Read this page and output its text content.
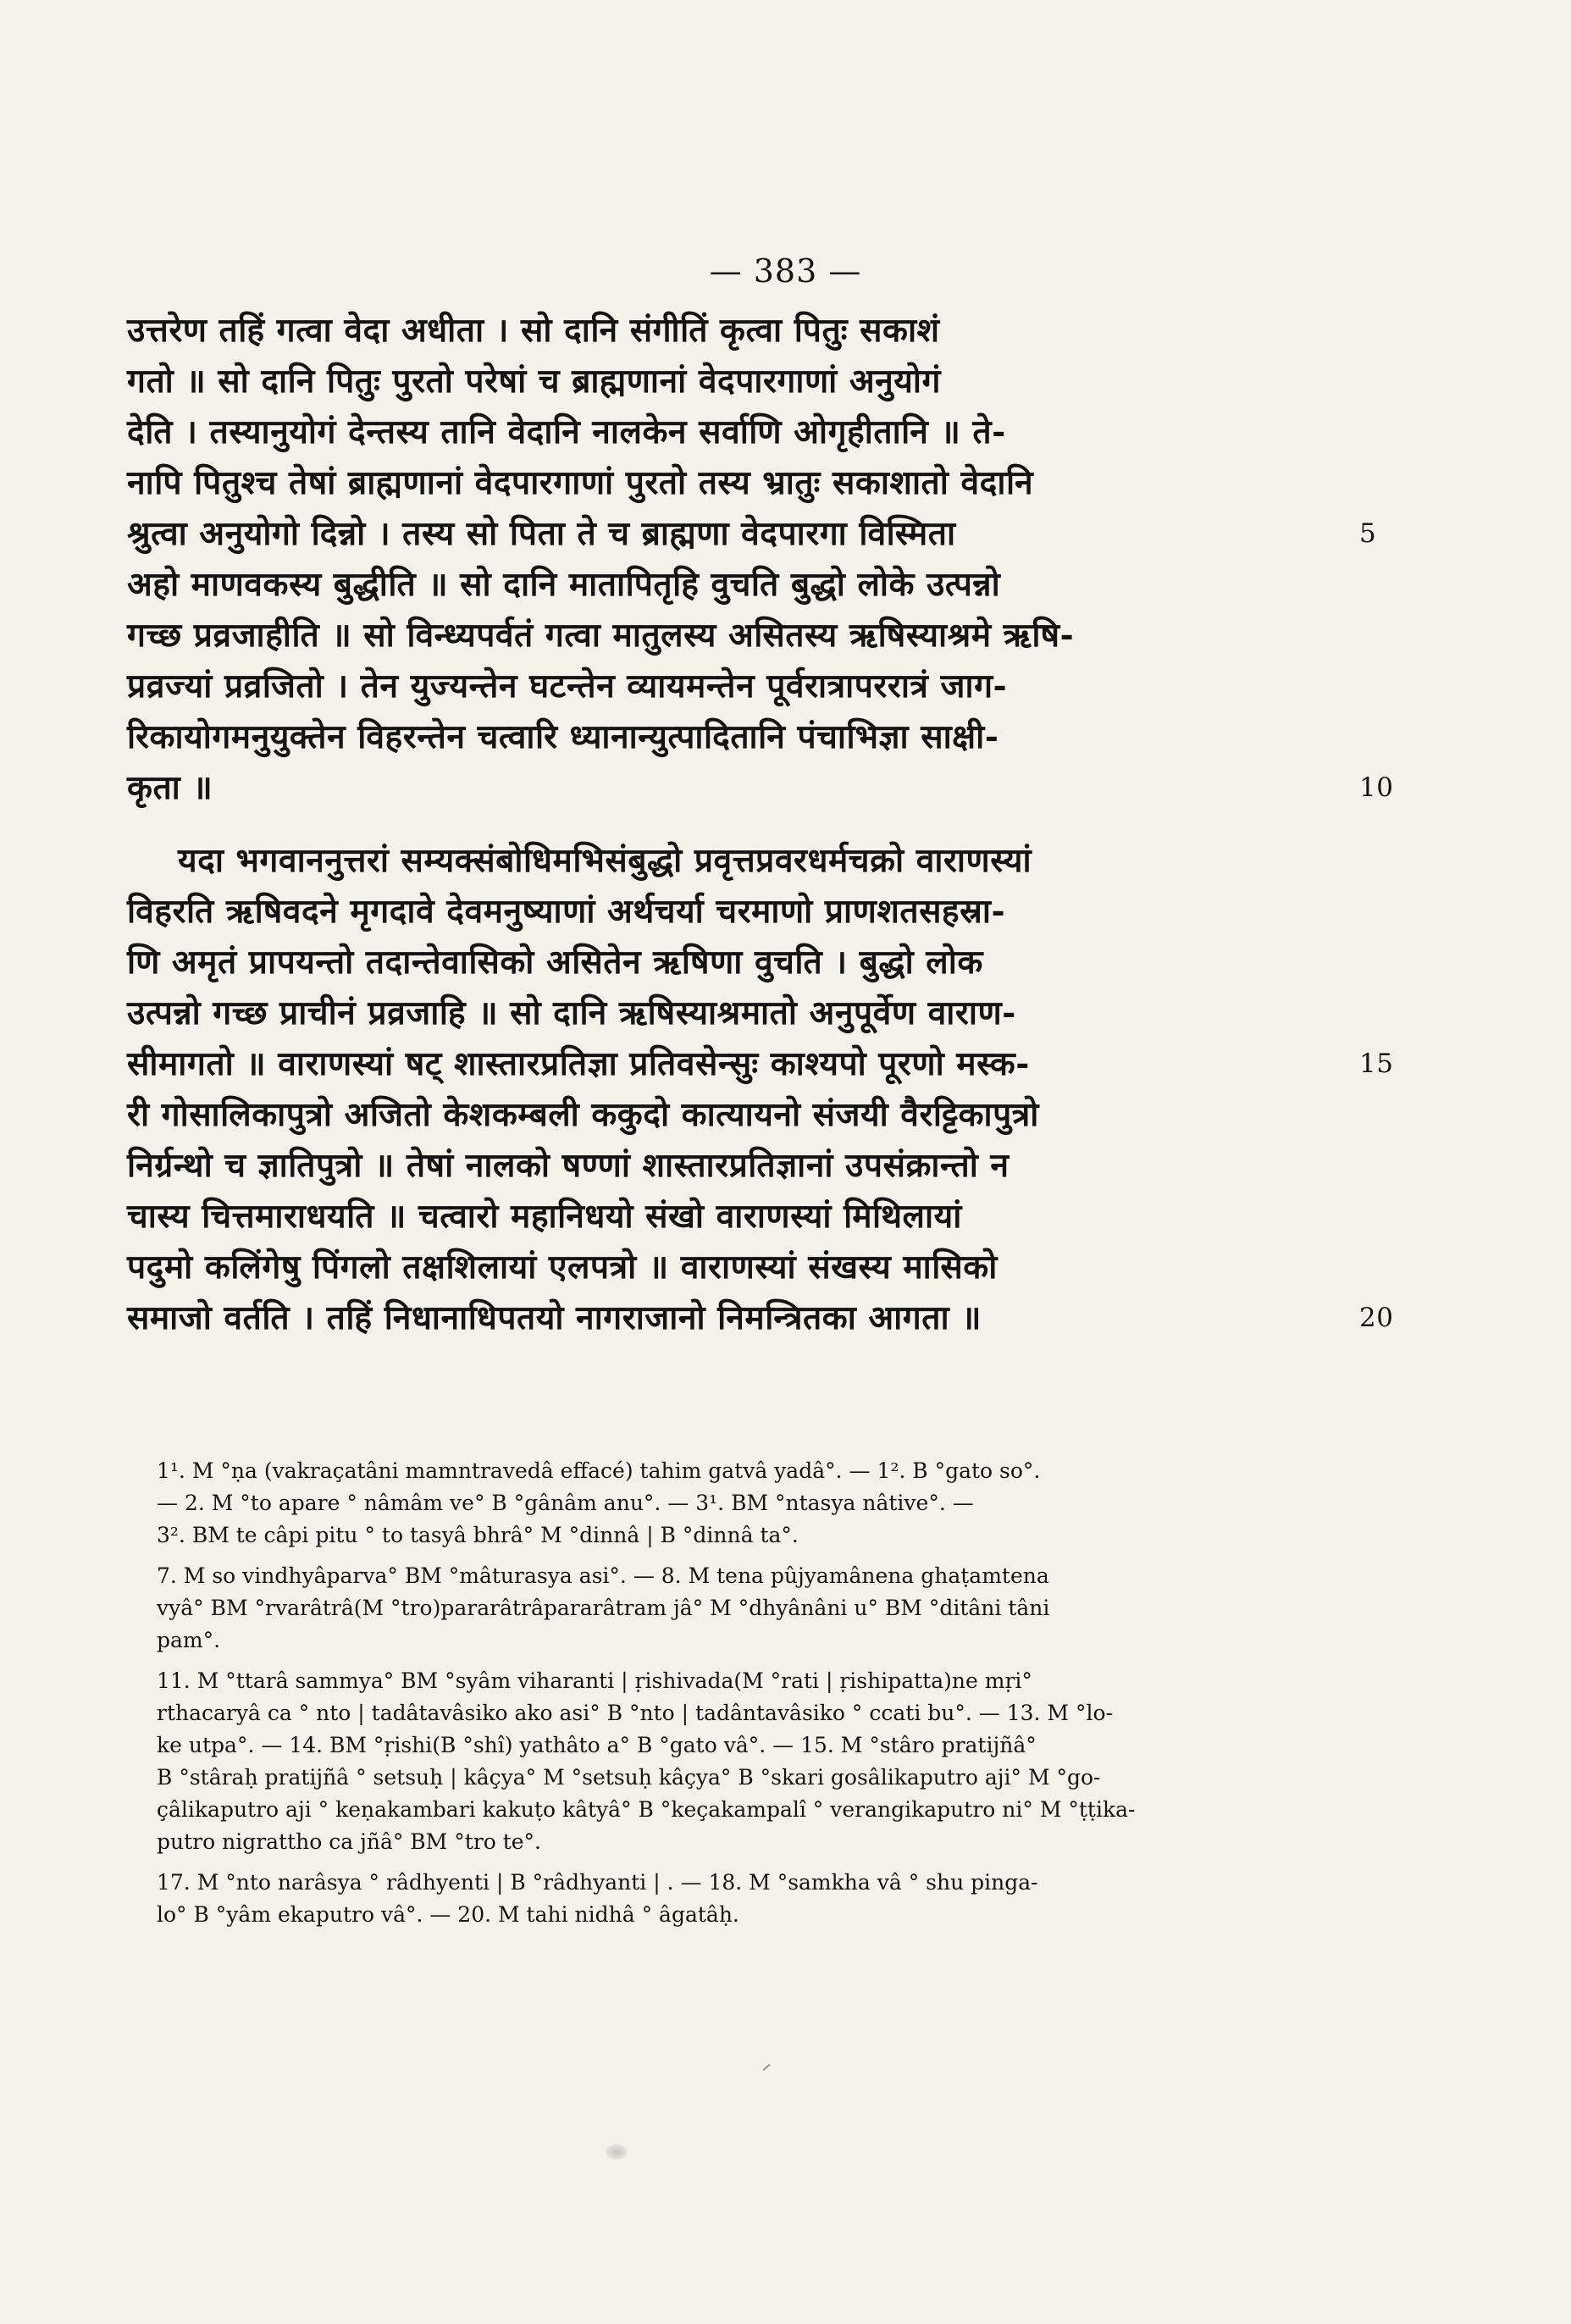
— 383 —
उत्तरेण तहिं गत्वा वेदा अधीता । सो दानि संगीतिं कृत्वा पितुः सकाशं
गतो ॥ सो दानि पितुः पुरतो परेषां च ब्राह्मणानां वेदपारगाणां अनुयोगं
देति । तस्यानुयोगं देन्तस्य तानि वेदानि नालकेन सर्वाणि ओगृहीतानि ॥ ते-
नापि पितुश्च तेषां ब्राह्मणानां वेदपारगाणां पुरतो तस्य भ्रातुः सकाशातो वेदानि
श्रुत्वा अनुयोगो दिन्नो । तस्य सो पिता ते च ब्राह्मणा वेदपारगा विस्मिता	5
अहो माणवकस्य बुद्धीति ॥ सो दानि मातापितृहि वुचति बुद्धो लोके उत्पन्नो
गच्छ प्रव्रजाहीति ॥ सो विन्ध्यपर्वतं गत्वा मातुलस्य असितस्य ऋषिस्याश्रमे ऋषि-
प्रव्रज्यां प्रव्रजितो । तेन युज्यन्तेन घटन्तेन व्यायमन्तेन पूर्वरात्रापररात्रं जाग-
रिकायोगमनुयुक्तेन विहरन्तेन चत्वारि ध्यानान्युत्पादितानि पंचाभिज्ञा साक्षी-
कृता ॥	10
यदा भगवाननुत्तरां सम्यक्संबोधिमभिसंबुद्धो प्रवृत्तप्रवरधर्मचक्रो वाराणस्यां
विहरति ऋषिवदने मृगदावे देवमनुष्याणां अर्थचर्या चरमाणो प्राणशतसहस्रा-
णि अमृतं प्रापयन्तो तदान्तेवासिको असितेन ऋषिणा वुचति । बुद्धो लोक
उत्पन्नो गच्छ प्राचीनं प्रव्रजाहि ॥ सो दानि ऋषिस्याश्रमातो अनुपूर्वेण वाराण-
सीमागतो ॥ वाराणस्यां षट् शास्तारप्रतिज्ञा प्रतिवसेन्सुः काश्यपो पूरणो मस्क-	15
री गोसालिकापुत्रो अजितो केशकम्बली ककुदो कात्यायनो संजयी वैरट्टिकापुत्रो
निर्ग्रन्थो च ज्ञातिपुत्रो ॥ तेषां नालको षण्णां शास्तारप्रतिज्ञानां उपसंक्रान्तो न
चास्य चित्तमाराधयति ॥ चत्वारो महानिधयो संखो वाराणस्यां मिथिलायां
पदुमो कलिंगेषु पिंगलो तक्षशिलायां एलपत्रो ॥ वाराणस्यां संखस्य मासिको
समाजो वर्तति । तहिं निधानाधिपतयो नागराजानो निमन्त्रितका आगता ॥	20
1¹. M °ṇa (vakraçatâni mamntravedâ effacé) tahim gatvâ yadâ°. — 1². B °gato so°.
— 2. M °to apare ° nâmâm ve° B °gânâm anu°. — 3¹. BM °ntasya nâtive°. —
3². BM te câpi pitu ° to tasyâ bhrâ° M °dinnâ | B °dinnâ ta°.
7. M so vindhyâparva° BM °mâturasya asi°. — 8. M tena pûjyamânena ghaṭamtena
vyâ° BM °rvarâtrâ(M °tro)pararâtrâpararâtram jâ° M °dhyânâni u° BM °ditâni tâni
pam°.
11. M °ttarâ sammya° BM °syâm viharanti | ṛishivada(M °rati | ṛishipatta)ne mṛi°
rthacaryâ ca ° nto | tadâtavâsiko ako asi° B °nto | tadântavâsiko ° ccati bu°. — 13. M °lo-
ke utpa°. — 14. BM °ṛishi(B °shî) yathâto a° B °gato vâ°. — 15. M °stâro pratijñâ°
B °stâraḥ pratijñâ ° setsuḥ | kâçya° M °setsuḥ kâçya° B °skari gosâlikaputro aji° M °go-
çâlikaputro aji ° keṇakambari kakuṭo kâtyâ° B °keçakampalî ° verangikaputro ni° M °ṭṭika-
putro nigrattho ca jñâ° BM °tro te°.
17. M °nto narâsya ° râdhyenti | B °râdhyanti | . — 18. M °samkha vâ ° shu pinga-
lo° B °yâm ekaputro vâ°. — 20. M tahi nidhâ ° âgatâḥ.
